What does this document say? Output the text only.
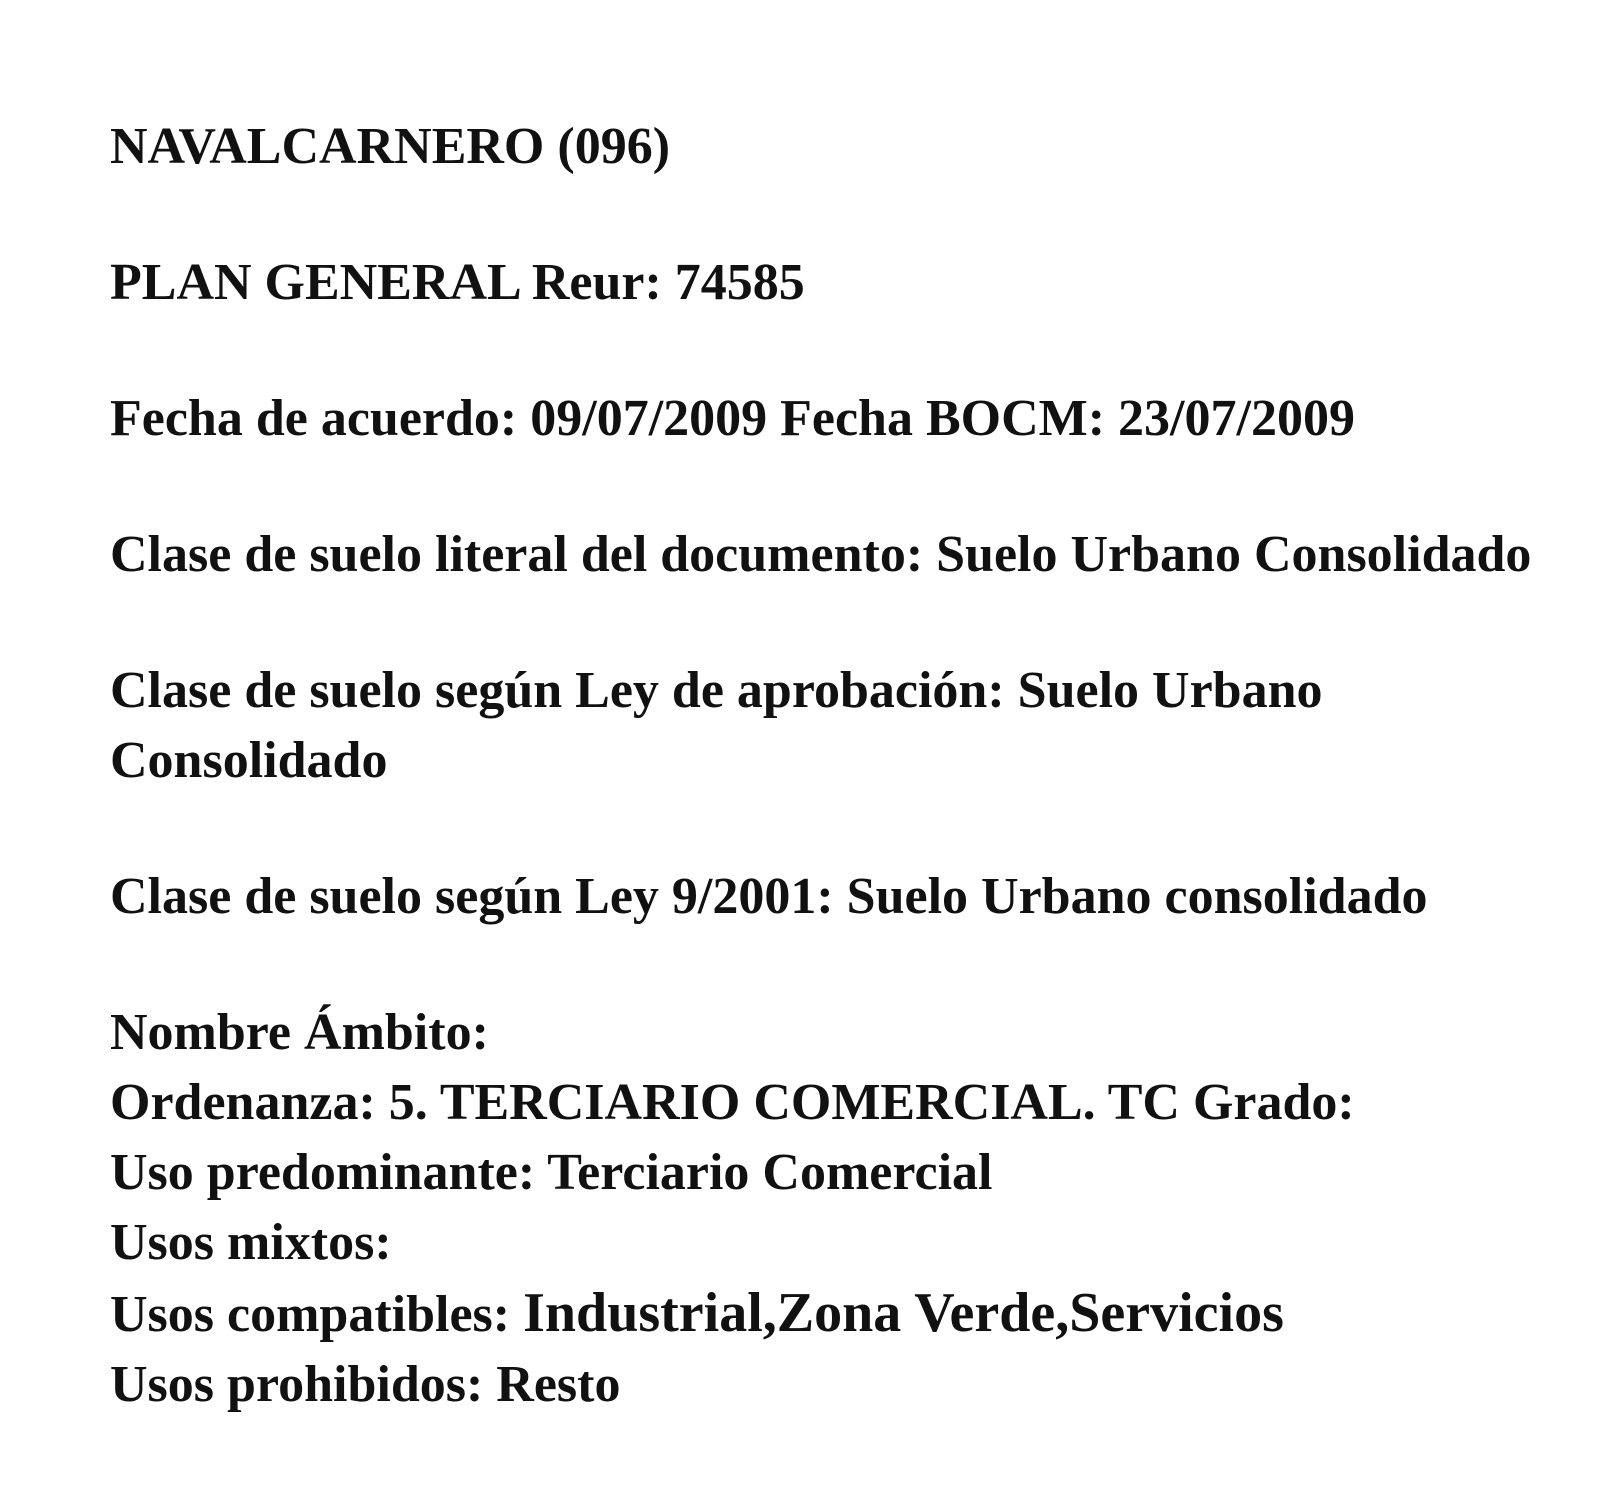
NAVALCARNERO (096)

PLAN GENERAL Reur: 74585

Fecha de acuerdo: 09/07/2009 Fecha BOCM: 23/07/2009

Clase de suelo literal del documento: Suelo Urbano Consolidado

Clase de suelo según Ley de aprobación: Suelo Urbano Consolidado

Clase de suelo según Ley 9/2001: Suelo Urbano consolidado

Nombre Ámbito:

Ordenanza: 5. TERCIARIO COMERCIAL. TC Grado:

Uso predominante: Terciario Comercial

Usos mixtos:

Usos compatibles: Industrial,Zona Verde,Servicios

Usos prohibidos: Resto
